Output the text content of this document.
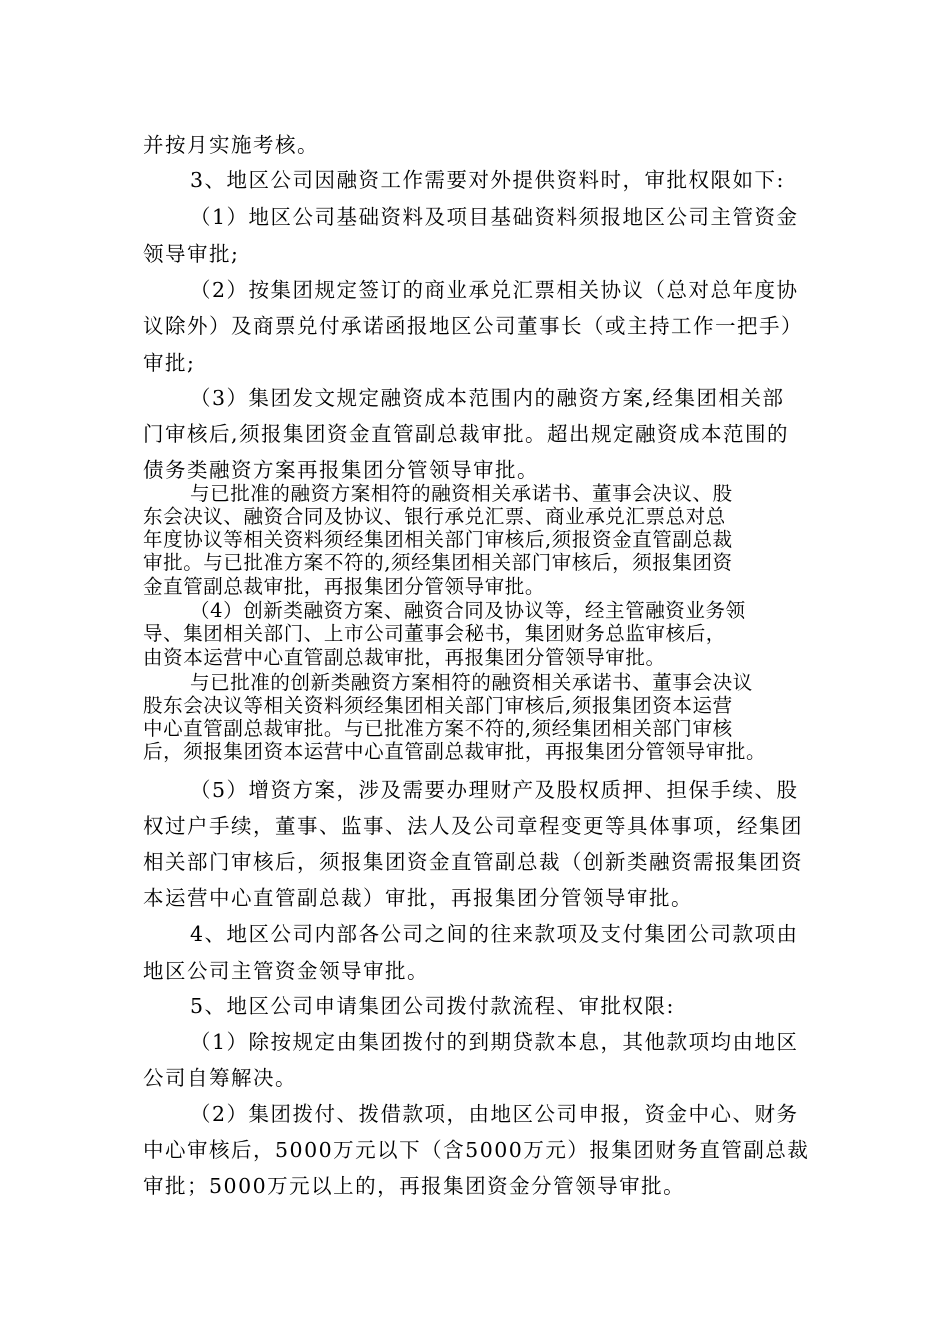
并按月实施考核。
3、地区公司因融资工作需要对外提供资料时，审批权限如下:
（1）地区公司基础资料及项目基础资料须报地区公司主管资金
领导审批;
（2）按集团规定签订的商业承兑汇票相关协议（总对总年度协
议除外）及商票兑付承诺函报地区公司董事长（或主持工作一把手）
审批;
（3）集团发文规定融资成本范围内的融资方案,经集团相关部
门审核后,须报集团资金直管副总裁审批。超出规定融资成本范围的
债务类融资方案再报集团分管领导审批。
与已批准的融资方案相符的融资相关承诺书、董事会决议、股
东会决议、融资合同及协议、银行承兑汇票、商业承兑汇票总对总
年度协议等相关资料须经集团相关部门审核后,须报资金直管副总裁
审批。与已批准方案不符的,须经集团相关部门审核后，须报集团资
金直管副总裁审批，再报集团分管领导审批。
（4）创新类融资方案、融资合同及协议等，经主管融资业务领
导、集团相关部门、上市公司董事会秘书，集团财务总监审核后，
由资本运营中心直管副总裁审批，再报集团分管领导审批。
与已批准的创新类融资方案相符的融资相关承诺书、董事会决议
股东会决议等相关资料须经集团相关部门审核后,须报集团资本运营
中心直管副总裁审批。与已批准方案不符的,须经集团相关部门审核
后，须报集团资本运营中心直管副总裁审批，再报集团分管领导审批。
（5）增资方案，涉及需要办理财产及股权质押、担保手续、股
权过户手续，董事、监事、法人及公司章程变更等具体事项，经集团
相关部门审核后，须报集团资金直管副总裁（创新类融资需报集团资
本运营中心直管副总裁）审批，再报集团分管领导审批。
4、地区公司内部各公司之间的往来款项及支付集团公司款项由
地区公司主管资金领导审批。
5、地区公司申请集团公司拨付款流程、审批权限:
（1）除按规定由集团拨付的到期贷款本息，其他款项均由地区
公司自筹解决。
（2）集团拨付、拨借款项，由地区公司申报，资金中心、财务
中心审核后，5000万元以下（含5000万元）报集团财务直管副总裁
审批；5000万元以上的，再报集团资金分管领导审批。
